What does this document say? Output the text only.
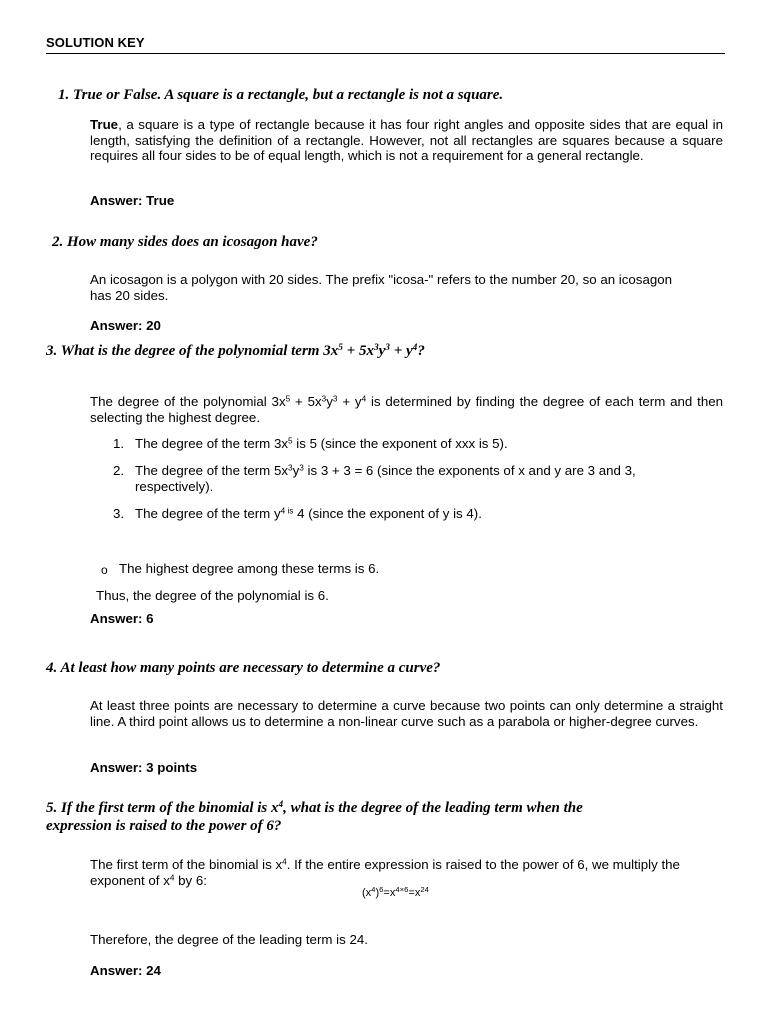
SOLUTION KEY
1. True or False. A square is a rectangle, but a rectangle is not a square.
True, a square is a type of rectangle because it has four right angles and opposite sides that are equal in length, satisfying the definition of a rectangle. However, not all rectangles are squares because a square requires all four sides to be of equal length, which is not a requirement for a general rectangle.
Answer: True
2. How many sides does an icosagon have?
An icosagon is a polygon with 20 sides. The prefix "icosa-" refers to the number 20, so an icosagon has 20 sides.
Answer: 20
3. What is the degree of the polynomial term $3x^5 + 5x^3y^3 + y^4$?
The degree of the polynomial $3x^5 + 5x^3y^3 + y^4$ is determined by finding the degree of each term and then selecting the highest degree.
1. The degree of the term $3x^5$ is 5 (since the exponent of xxx is 5).
2. The degree of the term $5x^3y^3$ is 3 + 3 = 6 (since the exponents of x and y are 3 and 3, respectively).
3. The degree of the term $y^{4 is}$ 4 (since the exponent of y is 4).
o The highest degree among these terms is 6.
Thus, the degree of the polynomial is 6.
Answer: 6
4. At least how many points are necessary to determine a curve?
At least three points are necessary to determine a curve because two points can only determine a straight line. A third point allows us to determine a non-linear curve such as a parabola or higher-degree curves.
Answer: 3 points
5. If the first term of the binomial is $x^4$, what is the degree of the leading term when the
expression is raised to the power of 6?
The first term of the binomial is $x^4$. If the entire expression is raised to the power of 6, we multiply the exponent of $x^4$ by 6:
$(x^4)^6=x^{4\times 6}=x^{24}$
Therefore, the degree of the leading term is 24.
Answer: 24
